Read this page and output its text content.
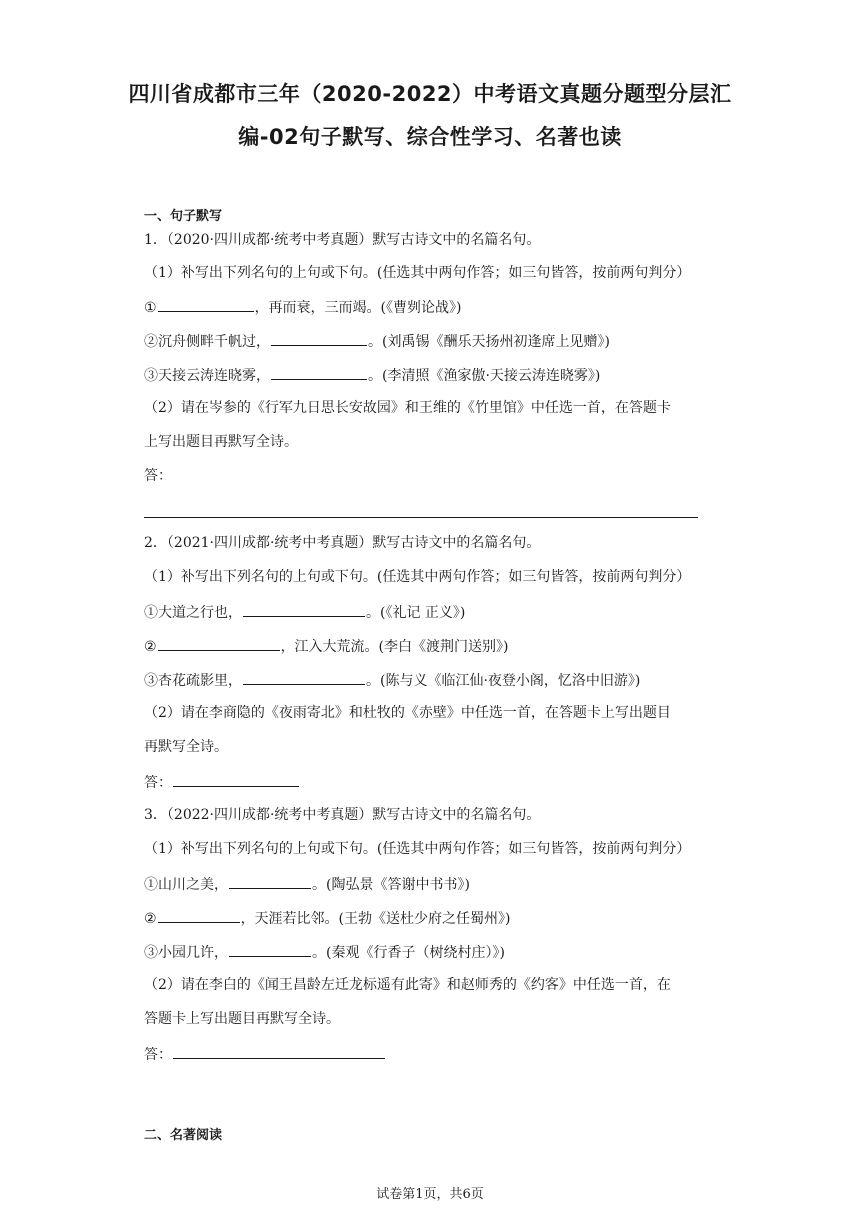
四川省成都市三年（2020-2022）中考语文真题分题型分层汇
编-02句子默写、综合性学习、名著也读
一、句子默写
1．（2020·四川成都·统考中考真题）默写古诗文中的名篇名句。
（1）补写出下列名句的上句或下句。(任选其中两句作答；如三句皆答，按前两句判分）
①	，再而衰，三而竭。(《曹刿论战》)
②沉舟侧畔千帆过，	。(刘禹锡《酬乐天扬州初逢席上见赠》)
③天接云涛连晓雾，	。(李清照《渔家傲·天接云涛连晓雾》)
（2）请在岑参的《行军九日思长安故园》和王维的《竹里馆》中任选一首，在答题卡
上写出题目再默写全诗。
答：
2．（2021·四川成都·统考中考真题）默写古诗文中的名篇名句。
（1）补写出下列名句的上句或下句。(任选其中两句作答；如三句皆答，按前两句判分）
①大道之行也，	。(《礼记 正义》)
②	，江入大荒流。(李白《渡荆门送别》)
③杏花疏影里，	。(陈与义《临江仙·夜登小阁，忆洛中旧游》)
（2）请在李商隐的《夜雨寄北》和杜牧的《赤壁》中任选一首，在答题卡上写出题目
再默写全诗。
答：
3．（2022·四川成都·统考中考真题）默写古诗文中的名篇名句。
（1）补写出下列名句的上句或下句。(任选其中两句作答；如三句皆答，按前两句判分）
①山川之美，	。(陶弘景《答谢中书书》)
②	，天涯若比邻。(王勃《送杜少府之任蜀州》)
③小园几许，	。(秦观《行香子（树绕村庄）》)
（2）请在李白的《闻王昌龄左迁龙标遥有此寄》和赵师秀的《约客》中任选一首，在
答题卡上写出题目再默写全诗。
答：
二、名著阅读
试卷第1页，共6页
